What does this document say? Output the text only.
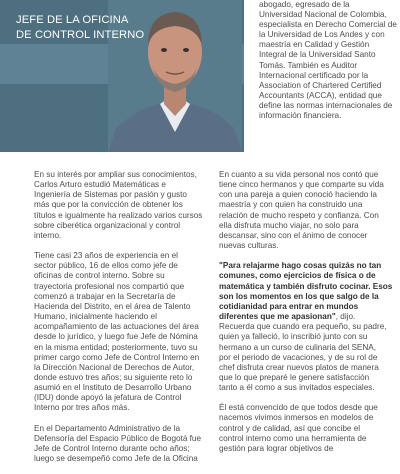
JEFE DE LA OFICINA
DE CONTROL INTERNO
abogado, egresado de la
Universidad Nacional de Colombia,
especialista en Derecho Comercial de
la Universidad de Los Andes y con
maestría en Calidad y Gestión
Integral de la Universidad Santo
Tomás. También es Auditor
Internacional certificado por la
Association of Chartered Certified
Accountants (ACCA), entidad que
define las normas internacionales de
información financiera.
En su interés por ampliar sus conocimientos,
Carlos Arturo estudió Matemáticas e
Ingeniería de Sistemas por pasión y gusto
más que por la convicción de obtener los
títulos e igualmente ha realizado varios cursos
sobre ciberética organizacional y control
interno.
Tiene casi 23 años de experiencia en el
sector público, 16 de ellos como jefe de
oficinas de control interno. Sobre su
trayectoria profesional nos compartió que
comenzó a trabajar en la Secretaría de
Hacienda del Distrito, en el área de Talento
Humano, inicialmente haciendo el
acompañamiento de las actuaciones del área
desde lo jurídico, y luego fue Jefe de Nómina
en la misma entidad; posteriormente, tuvo su
primer cargo como Jefe de Control Interno en
la Dirección Nacional de Derechos de Autor,
donde estuvo tres años; su siguiente reto lo
asumió en el Instituto de Desarrollo Urbano
(IDU) donde apoyó la jefatura de Control
Interno por tres años más.
En el Departamento Administrativo de la
Defensoría del Espacio Público de Bogotá fue
Jefe de Control Interno durante ocho años;
luego se desempeñó como Jefe de la Oficina
En cuanto a su vida personal nos contó que
tiene cinco hermanos y que comparte su vida
con una pareja a quien conoció haciendo la
maestría y con quien ha construido una
relación de mucho respeto y confianza. Con
ella disfruta mucho viajar, no solo para
descansar, sino con el ánimo de conocer
nuevas culturas.
"Para relajarme hago cosas quizás no tan
comunes, como ejercicios de física o de
matemática y también disfruto cocinar. Esos
son los momentos en los que salgo de la
cotidianidad para entrar en mundos
diferentes que me apasionan", dijo.
Recuerda que cuando era pequeño, su padre,
quien ya falleció, lo inscribió junto con su
hermano a un curso de culinaria del SENA,
por el periodo de vacaciones, y de su rol de
chef disfruta crear nuevos platos de manera
que lo que preparé le genere satisfacción
tanto a él como a sus invitados especiales.
Él está convencido de que todos desde que
nacemos vivimos inmersos en modelos de
control y de calidad, así que concibe el
control interno como una herramienta de
gestión para lograr objetivos de
